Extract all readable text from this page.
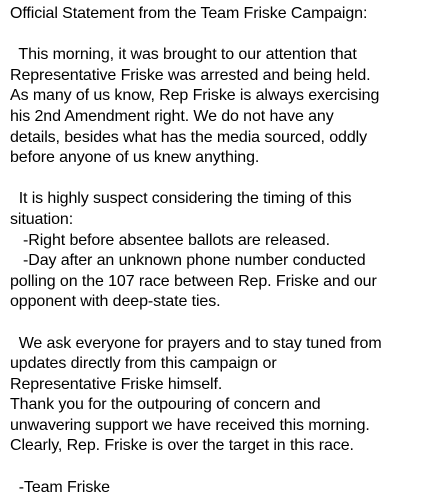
Official Statement from the Team Friske Campaign:
This morning, it was brought to our attention that
Representative Friske was arrested and being held.
As many of us know, Rep Friske is always exercising
his 2nd Amendment right. We do not have any
details, besides what has the media sourced, oddly
before anyone of us knew anything.
It is highly suspect considering the timing of this
situation:
-Right before absentee ballots are released.
-Day after an unknown phone number conducted
polling on the 107 race between Rep. Friske and our
opponent with deep-state ties.
We ask everyone for prayers and to stay tuned from
updates directly from this campaign or
Representative Friske himself.
Thank you for the outpouring of concern and
unwavering support we have received this morning.
Clearly, Rep. Friske is over the target in this race.
-Team Friske
